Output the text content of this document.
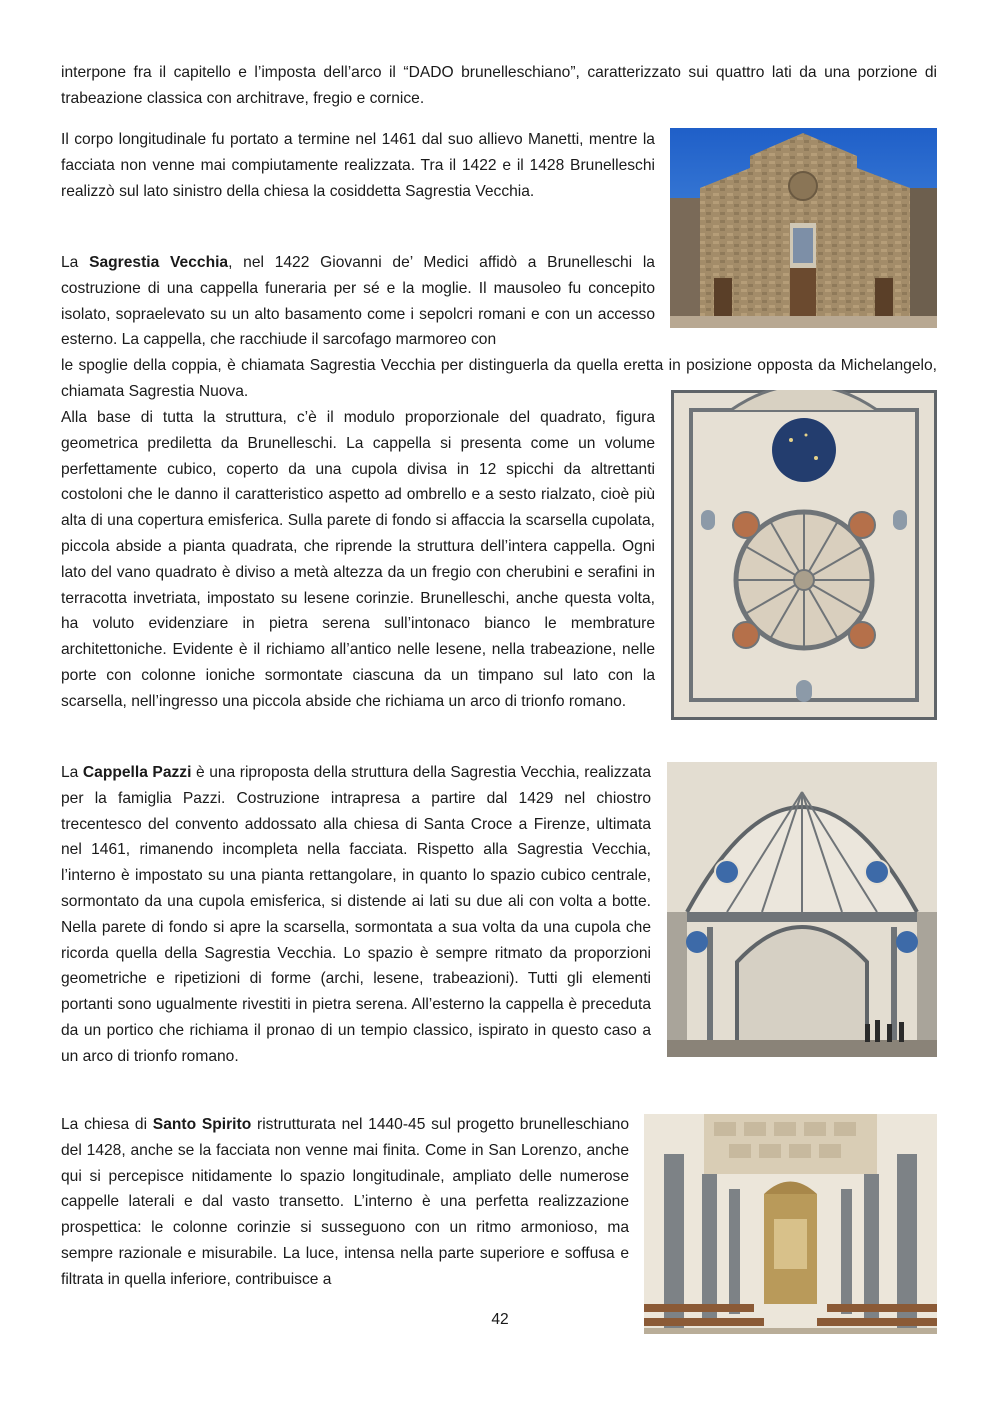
interpone fra il capitello e l’imposta dell’arco il “DADO brunelleschiano”, caratterizzato sui quattro lati da una porzione di trabeazione classica con architrave, fregio e cornice.

Il corpo longitudinale fu portato a termine nel 1461 dal suo allievo Manetti, mentre la facciata non venne mai compiutamente realizzata. Tra il 1422 e il 1428 Brunelleschi realizzò sul lato sinistro della chiesa la cosiddetta Sagrestia Vecchia.

La Sagrestia Vecchia, nel 1422 Giovanni de’ Medici affidò a Brunelleschi la costruzione di una cappella funeraria per sé e la moglie. Il mausoleo fu concepito isolato, sopraelevato su un alto basamento come i sepolcri romani e con un accesso esterno. La cappella, che racchiude il sarcofago marmoreo con

le spoglie della coppia, è chiamata Sagrestia Vecchia per distinguerla da quella eretta in posizione opposta da Michelangelo, chiamata Sagrestia Nuova.

Alla base di tutta la struttura, c’è il modulo proporzionale del quadrato, figura geometrica prediletta da Brunelleschi. La cappella si presenta come un volume perfettamente cubico, coperto da una cupola divisa in 12 spicchi da altrettanti costoloni che le danno il caratteristico aspetto ad ombrello e a sesto rialzato, cioè più alta di una copertura emisferica. Sulla parete di fondo si affaccia la scarsella cupolata, piccola abside a pianta quadrata, che riprende la struttura dell’intera cappella. Ogni lato del vano quadrato è diviso a metà altezza da un fregio con cherubini e serafini in terracotta invetriata, impostato su lesene corinzie. Brunelleschi, anche questa volta, ha voluto evidenziare in pietra serena sull’intonaco bianco le membrature architettoniche. Evidente è il richiamo all’antico nelle lesene, nella trabeazione, nelle porte con colonne ioniche sormontate ciascuna da un timpano sul lato con la scarsella, nell’ingresso una piccola abside che richiama un arco di trionfo romano.

La Cappella Pazzi è una riproposta della struttura della Sagrestia Vecchia, realizzata per la famiglia Pazzi. Costruzione intrapresa a partire dal 1429 nel chiostro trecentesco del convento addossato alla chiesa di Santa Croce a Firenze, ultimata nel 1461, rimanendo incompleta nella facciata. Rispetto alla Sagrestia Vecchia, l’interno è impostato su una pianta rettangolare, in quanto lo spazio cubico centrale, sormontato da una cupola emisferica, si distende ai lati su due ali con volta a botte. Nella parete di fondo si apre la scarsella, sormontata a sua volta da una cupola che ricorda quella della Sagrestia Vecchia. Lo spazio è sempre ritmato da proporzioni geometriche e ripetizioni di forme (archi, lesene, trabeazioni). Tutti gli elementi portanti sono ugualmente rivestiti in pietra serena. All’esterno la cappella è preceduta da un portico che richiama il pronao di un tempio classico, ispirato in questo caso a un arco di trionfo romano.

La chiesa di Santo Spirito ristrutturata nel 1440-45 sul progetto brunelleschiano del 1428, anche se la facciata non venne mai finita. Come in San Lorenzo, anche qui si percepisce nitidamente lo spazio longitudinale, ampliato delle numerose cappelle laterali e dal vasto transetto. L’interno è una perfetta realizzazione prospettica: le colonne corinzie si susseguono con un ritmo armonioso, ma sempre razionale e misurabile. La luce, intensa nella parte superiore e soffusa e filtrata in quella inferiore, contribuisce a

42
